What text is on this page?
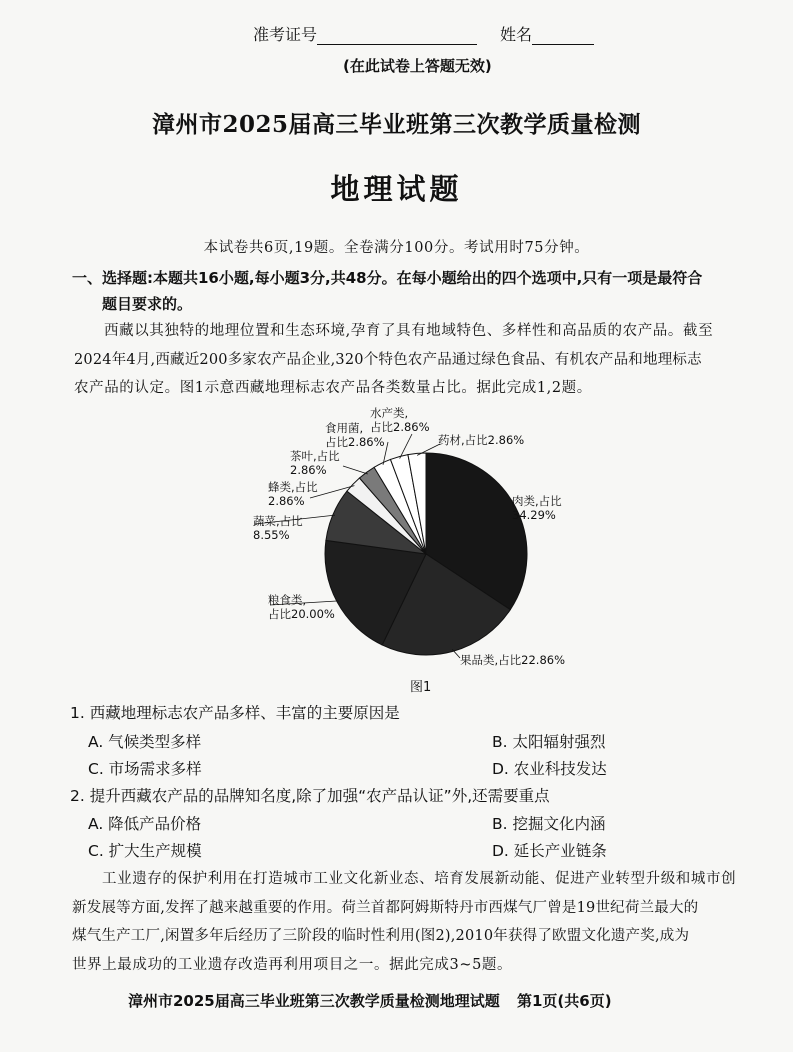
准考证号	姓名
(在此试卷上答题无效)
漳州市2025届高三毕业班第三次教学质量检测
地理试题
本试卷共6页,19题。全卷满分100分。考试用时75分钟。
一、选择题:本题共16小题,每小题3分,共48分。在每小题给出的四个选项中,只有一项是最符合
题目要求的。
西藏以其独特的地理位置和生态环境,孕育了具有地域特色、多样性和高品质的农产品。截至
2024年4月,西藏近200多家农产品企业,320个特色农产品通过绿色食品、有机农产品和地理标志
农产品的认定。图1示意西藏地理标志农产品各类数量占比。据此完成1,2题。
肉类,占比
34.29%
果品类,占比22.86%
粮食类,
占比20.00%
蔬菜,占比
8.55%
蜂类,占比
2.86%
茶叶,占比
2.86%
食用菌,
占比2.86%
水产类,
占比2.86%
药材,占比2.86%
图1
1. 西藏地理标志农产品多样、丰富的主要原因是
A. 气候类型多样	B. 太阳辐射强烈
C. 市场需求多样	D. 农业科技发达
2. 提升西藏农产品的品牌知名度,除了加强“农产品认证”外,还需要重点
A. 降低产品价格	B. 挖掘文化内涵
C. 扩大生产规模	D. 延长产业链条
工业遗存的保护利用在打造城市工业文化新业态、培育发展新动能、促进产业转型升级和城市创
新发展等方面,发挥了越来越重要的作用。荷兰首都阿姆斯特丹市西煤气厂曾是19世纪荷兰最大的
煤气生产工厂,闲置多年后经历了三阶段的临时性利用(图2),2010年获得了欧盟文化遗产奖,成为
世界上最成功的工业遗存改造再利用项目之一。据此完成3~5题。
漳州市2025届高三毕业班第三次教学质量检测地理试题 第1页(共6页)
